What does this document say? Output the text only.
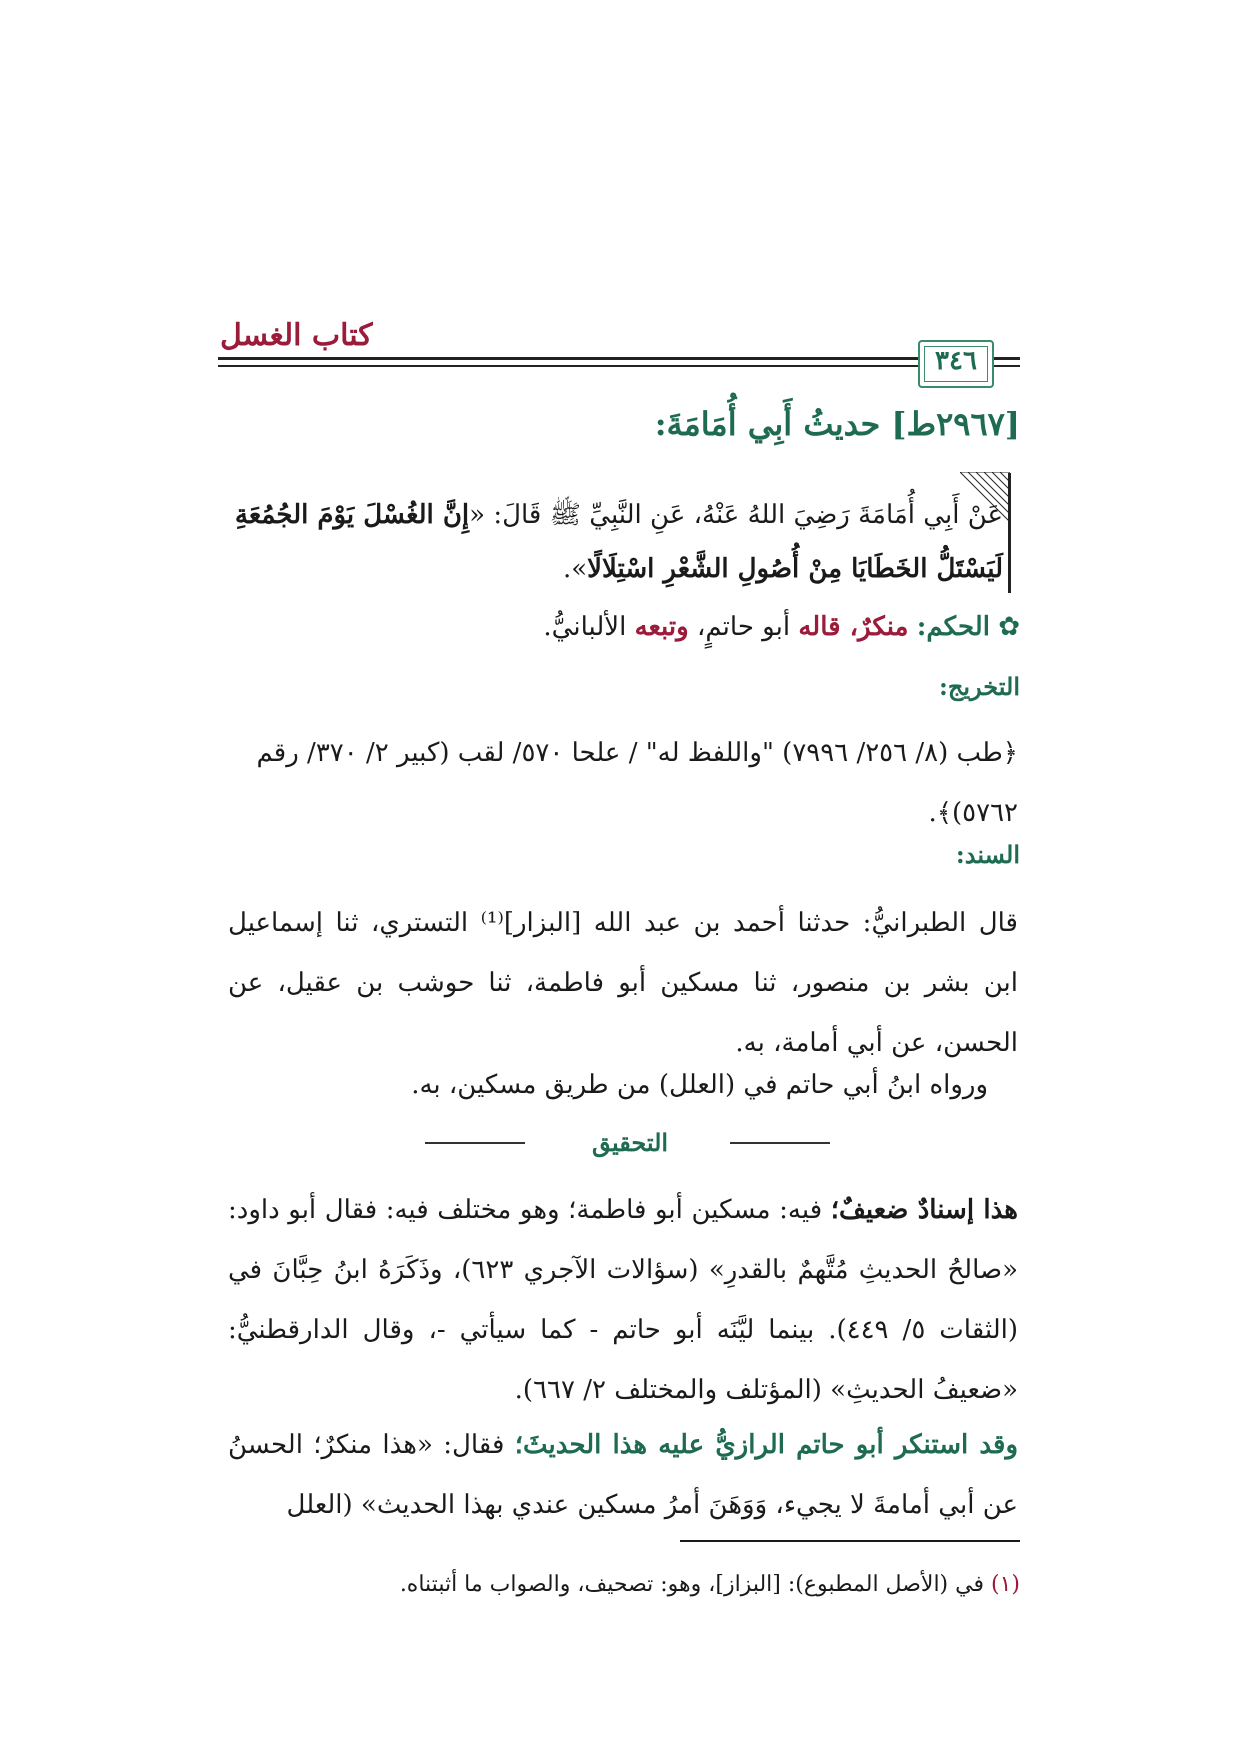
كتاب الغسل
٣٤٦
[٢٩٦٧ط] حديثُ أَبِي أُمَامَةَ:
عَنْ أَبِي أُمَامَةَ رَضِيَ اللهُ عَنْهُ، عَنِ النَّبِيِّ ﷺ قَالَ: «إِنَّ الغُسْلَ يَوْمَ الجُمُعَةِ لَيَسْتَلُّ الخَطَايَا مِنْ أُصُولِ الشَّعْرِ اسْتِلَالًا».
✿ الحكم: منكرٌ، قاله أبو حاتمٍ، وتبعه الألبانيُّ.
التخريج:
﴿طب (٨/ ٢٥٦/ ٧٩٩٦) "واللفظ له" / علحا ٥٧٠/ لقب (كبير ٢/ ٣٧٠/ رقم ٥٧٦٢)﴾.
السند:
قال الطبرانيُّ: حدثنا أحمد بن عبد الله [البزار]⁽¹⁾ التستري، ثنا إسماعيل ابن بشر بن منصور، ثنا مسكين أبو فاطمة، ثنا حوشب بن عقيل، عن الحسن، عن أبي أمامة، به.
ورواه ابنُ أبي حاتم في (العلل) من طريق مسكين، به.
التحقيق
هذا إسنادٌ ضعيفٌ؛ فيه: مسكين أبو فاطمة؛ وهو مختلف فيه: فقال أبو داود: «صالحُ الحديثِ مُتَّهمٌ بالقدرِ» (سؤالات الآجري ٦٢٣)، وذَكَرَهُ ابنُ حِبَّانَ في (الثقات ٥/ ٤٤٩). بينما ليَّنَه أبو حاتم - كما سيأتي -، وقال الدارقطنيُّ: «ضعيفُ الحديثِ» (المؤتلف والمختلف ٢/ ٦٦٧).
وقد استنكر أبو حاتم الرازيُّ عليه هذا الحديثَ؛ فقال: «هذا منكرٌ؛ الحسنُ عن أبي أمامةَ لا يجيء، وَوَهَنَ أمرُ مسكين عندي بهذا الحديث» (العلل
(١) في (الأصل المطبوع): [البزاز]، وهو: تصحيف، والصواب ما أثبتناه.
